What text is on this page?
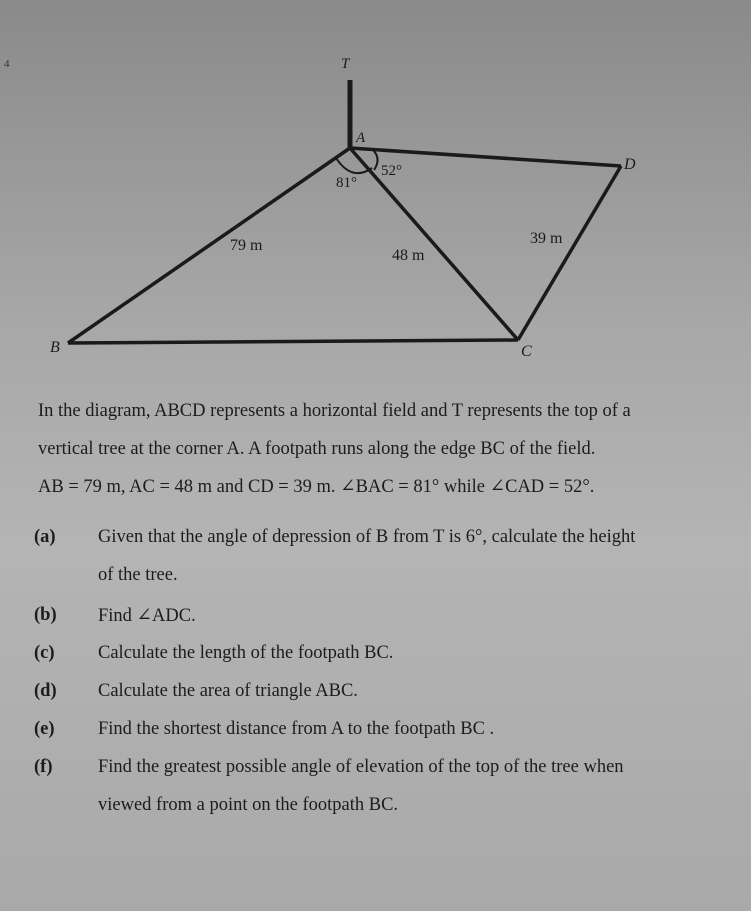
4	T
A
B	C
D
79 m
48 m
39 m
81°
52°
In the diagram, ABCD represents a horizontal field and T represents the top of a
vertical tree at the corner A. A footpath runs along the edge BC of the field.
AB = 79 m, AC = 48 m and CD = 39 m. ∠BAC = 81° while ∠CAD = 52°.
(a) Given that the angle of depression of B from T is 6°, calculate the height
of the tree.
(b) Find ∠ADC.
(c) Calculate the length of the footpath BC.
(d) Calculate the area of triangle ABC.
(e) Find the shortest distance from A to the footpath BC .
(f) Find the greatest possible angle of elevation of the top of the tree when
viewed from a point on the footpath BC.
